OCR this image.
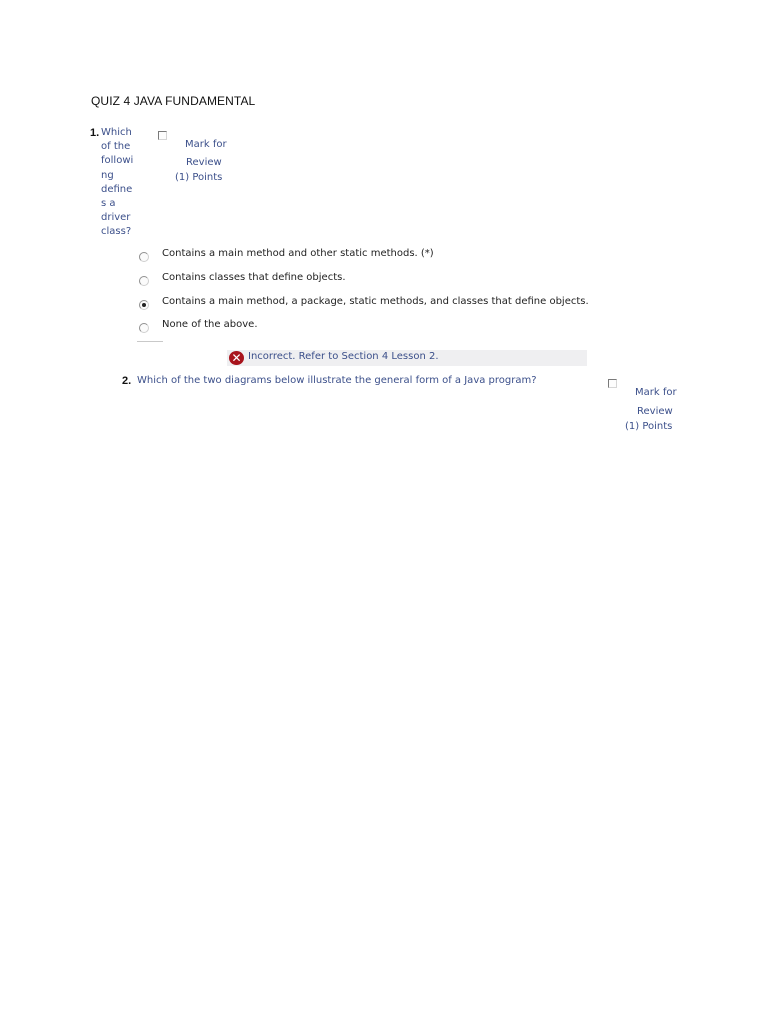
QUIZ 4 JAVA FUNDAMENTAL
1. Which
of the
followi
ng
define
s a
driver
class?
Mark for
Review
(1) Points
Contains a main method and other static methods. (*)
Contains classes that define objects.
Contains a main method, a package, static methods, and classes that define objects.
None of the above.
✕ Incorrect. Refer to Section 4 Lesson 2.
2. Which of the two diagrams below illustrate the general form of a Java program?
Mark for
Review
(1) Points
